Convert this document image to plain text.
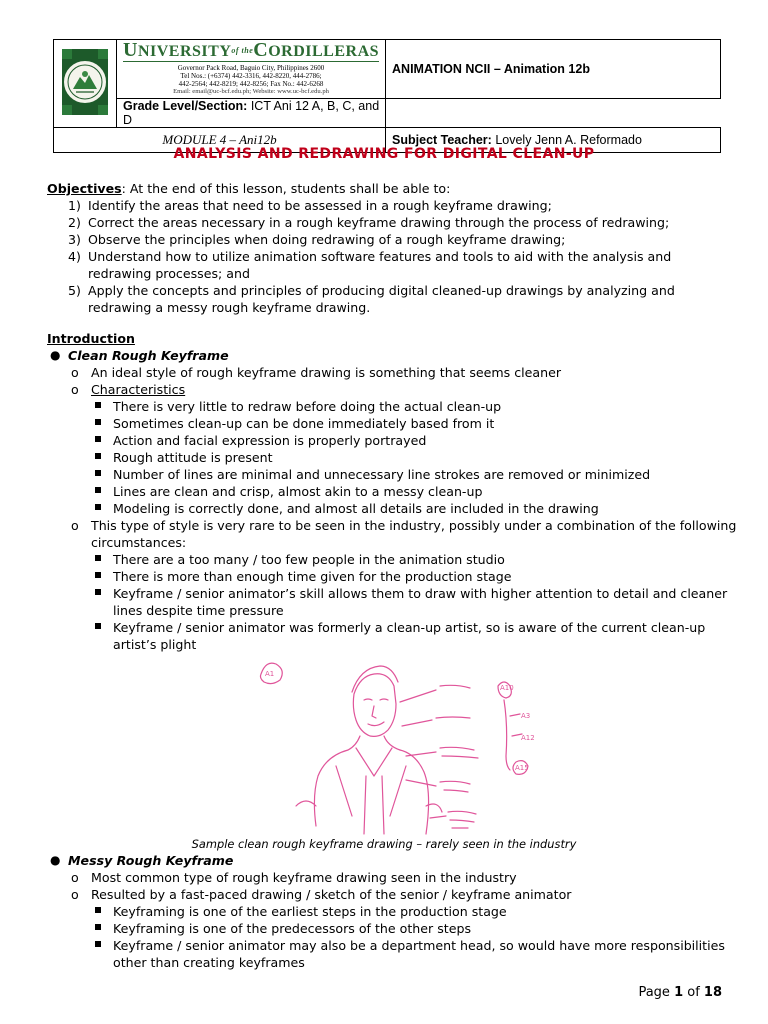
UNIVERSITYof theCORDILLERAS
Governor Pack Road, Baguio City, Philippines 2600
Tel Nos.: (+6374) 442-3316, 442-8220, 444-2786;
442-2564; 442-8219; 442-8256; Fax No.: 442-6268
Email: email@uc-bcf.edu.ph; Website: www.uc-bcf.edu.ph	ANIMATION NCII – Animation 12b
	Grade Level/Section: ICT Ani 12 A, B, C, and D	
MODULE 4 – Ani12b		Subject Teacher: Lovely Jenn A. Reformado
ANALYSIS AND REDRAWING FOR DIGITAL CLEAN-UP
Objectives: At the end of this lesson, students shall be able to:
1) Identify the areas that need to be assessed in a rough keyframe drawing;
2) Correct the areas necessary in a rough keyframe drawing through the process of redrawing;
3) Observe the principles when doing redrawing of a rough keyframe drawing;
4) Understand how to utilize animation software features and tools to aid with the analysis and redrawing processes; and
5) Apply the concepts and principles of producing digital cleaned-up drawings by analyzing and redrawing a messy rough keyframe drawing.
Introduction
● Clean Rough Keyframe
o An ideal style of rough keyframe drawing is something that seems cleaner
o Characteristics
There is very little to redraw before doing the actual clean-up
Sometimes clean-up can be done immediately based from it
Action and facial expression is properly portrayed
Rough attitude is present
Number of lines are minimal and unnecessary line strokes are removed or minimized
Lines are clean and crisp, almost akin to a messy clean-up
Modeling is correctly done, and almost all details are included in the drawing
o This type of style is very rare to be seen in the industry, possibly under a combination of the following circumstances:
There are a too many / too few people in the animation studio
There is more than enough time given for the production stage
Keyframe / senior animator’s skill allows them to draw with higher attention to detail and cleaner lines despite time pressure
Keyframe / senior animator was formerly a clean-up artist, so is aware of the current clean-up artist’s plight
A1
A10
A3
A12
A15
Sample clean rough keyframe drawing – rarely seen in the industry
● Messy Rough Keyframe
o Most common type of rough keyframe drawing seen in the industry
o Resulted by a fast-paced drawing / sketch of the senior / keyframe animator
Keyframing is one of the earliest steps in the production stage
Keyframing is one of the predecessors of the other steps
Keyframe / senior animator may also be a department head, so would have more responsibilities other than creating keyframes
Page 1 of 18
